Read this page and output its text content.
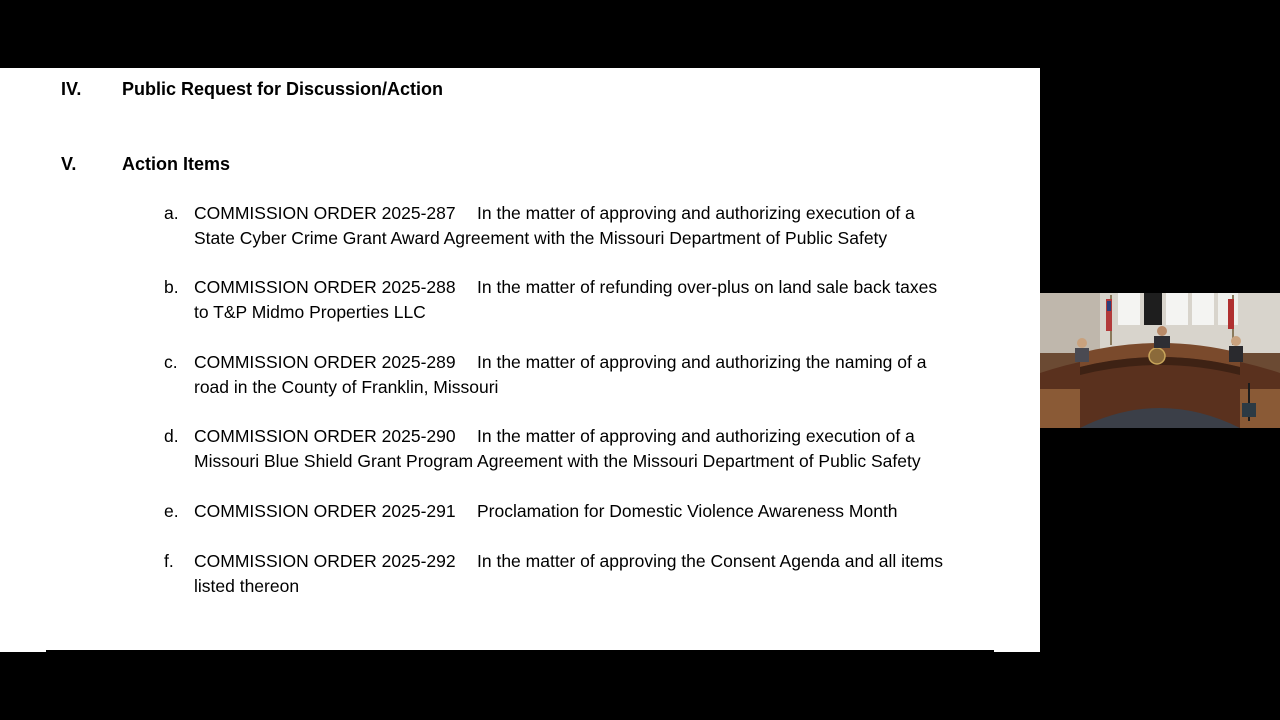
IV. Public Request for Discussion/Action
V.	Action Items
a. COMMISSION ORDER 2025-287 In the matter of approving and authorizing execution of a
State Cyber Crime Grant Award Agreement with the Missouri Department of Public Safety
b. COMMISSION ORDER 2025-288 In the matter of refunding over-plus on land sale back taxes
to T&P Midmo Properties LLC
c. COMMISSION ORDER 2025-289 In the matter of approving and authorizing the naming of a
road in the County of Franklin, Missouri
d. COMMISSION ORDER 2025-290 In the matter of approving and authorizing execution of a
Missouri Blue Shield Grant Program Agreement with the Missouri Department of Public Safety
e. COMMISSION ORDER 2025-291 Proclamation for Domestic Violence Awareness Month
f. COMMISSION ORDER 2025-292 In the matter of approving the Consent Agenda and all items
listed thereon
